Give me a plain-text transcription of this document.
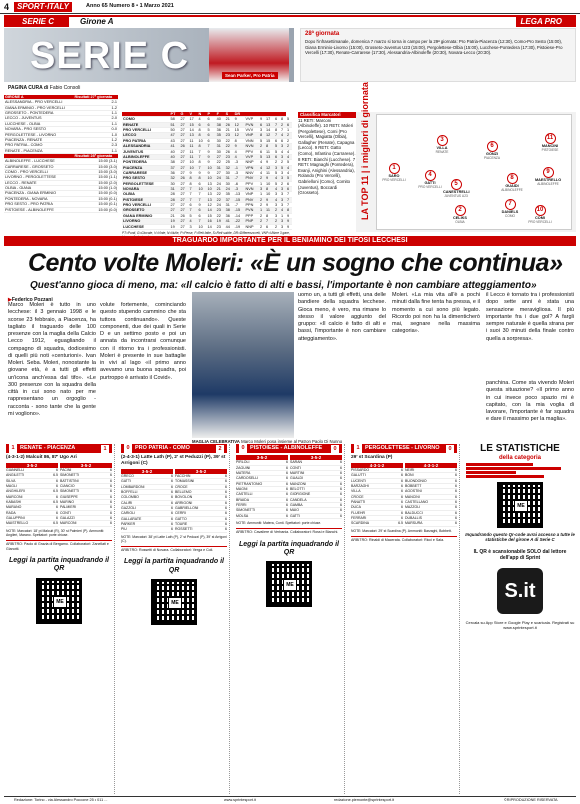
4 SPORT·ITALY	Anno 65 Numero 8 • 1 Marzo 2021
SERIE C	Girone A	LEGA PRO
SERIE C	Sean Parker, Pro Patria
PAGINA CURA di Fabio Consoli
28ª giornata

Dopo l'infrasettimanale, domenica 7 marzo si torna in campo per la 29ª giornata: Pro Patria-Piacenza (12:30), Como-Pro Sesto (15:00), Giana Erminio-Livorno (15:00), Grosseto-Juventus U23 (15:00), Pergolettese-Olbia (15:00), Lucchese-Pontedera (17:30), Pistoiese-Pro Vercelli (17:30), Renate-Carrarese (17:30), Alessandria-Albinoleffe (20:30), Novara-Lecco (20:30).

GIRONE A	Risultati 27ª giornata
ALESSANDRIA - PRO VERCELLI	2-1
GIANA ERMINIO - PRO VERCELLI	1-2
GROSSETO - PONTEDERA	1-1
LECCO - JUVENTUS	2-0
LUCCHESE - OLBIA	1-1
NOVARA - PRO SESTO	0-0
PERGOLETTESE - LIVORNO	1-0
PIACENZA - RENATE	1-2
PRO PATRIA - COMO	2-3
RENATE - PIACENZA	1-1
	Risultati 28ª giornata
ALBINOLEFFE - LUCCHESE	15:00 (3-1)
CARRARESE - GROSSETO	15:00 (3-0)
COMO - PRO VERCELLI	15:00 (3-0)
LIVORNO - PERGOLETTESE	15:00 (1-1)
LECCO - RENATE	15:00 (2-0)
OLBIA - GIANA	15:00 (1-0)
PIACENZA - GIANA ERMINIO	15:00 (0-0)
PONTEDERA - NOVARA	15:00 (0-1)
PRO SESTO - PRO PATRIA	15:00 (0-1)
PISTOIESE - ALBINOLEFFE	15:00 (0-0)
	PT	G	V	N	P	F	S	DR						
COMO	58	27	17	4	6	40	21	9	VVP	9	17	6	8	5
RENATE	51	27	15	6	6	38	26	12	PVN	6	13	7	2	6
PRO VERCELLI	50	27	14	8	5	36	21	15	VVV	3	14	8	7	1
LECCO	47	27	13	8	6	35	23	12	VNP	8	12	7	4	2
PRO PATRIA	43	27	11	10	6	30	22	8	VNN	5	15	6	6	2
ALESSANDRIA	41	26	11	8	7	31	22	9	NVN	2	8	5	3	2
JUVENTUS	40	27	11	7	9	30	26	4	PPV	6	11	5	4	4
ALBINOLEFFE	40	27	11	7	9	27	23	4	VVP	5	13	6	3	4
PONTEDERA	38	27	10	8	9	22	25	-3	NNP	4	9	2	2	5
PIACENZA	37	27	10	7	10	31	32	-1	VPN	4	12	3	5	4
CARRARESE	36	27	9	9	9	27	30	-3	NNV	4	11	5	3	4
PRO SESTO	32	26	8	8	10	24	31	-7	PNV	2	9	4	3	5
PERGOLETTESE	30	27	8	6	13	24	30	-6	PPV	1	10	5	2	6
NOVARA	31	27	7	10	10	21	24	-3	NVN	3	8	4	3	6
OLBIA	28	27	7	7	13	22	35	-13	VNP	1	10	3	3	7
PISTOIESE	28	27	7	7	13	22	37	-15	PNV	2	9	4	3	7
PRO VERCELLI	27	27	6	9	12	24	31	-7	PPN	2	9	3	3	7
GROSSETO	27	27	7	6	14	23	38	-15	PVN	1	11	2	4	8
GIANA ERMINIO	21	26	5	6	15	22	36	-14	PPP	2	8	3	1	9
LIVORNO	19	27	4	7	16	19	41	-22	PNP	2	7	2	3	9
LUCCHESE	19	27	3	10	14	23	44	-19	NNP	2	6	2	3	9
PT=Punti, G=Giocate, V=Vinte, N=Nulle, P=Perse, F=Reti fatte, S=Reti subite, DR=Differenza reti, VNP=Ultime 3 gare,
Classifica Marcatori
11 RETI: Marconi (Albinoleffe). 10 RETI: Moleri (Pergolettese), Comi (Pro Vercelli), Magiatta (Olbia), Gallagher (Renate), Capagna (Lecco). 9 RETI: Gatto (Como), Infantino (Carrarese). 8 RETI: Bianchi (Lucchese). 7 RETI: Magnaghi (Pontedera), Evanji, Anighini (Alessandria), Rolando (Pro Vercelli), Gabrielloni (Como), Comito (Juventus), Boccardi (Grosseto).	LA TOP 11 | i migliori di giornata	1
SARO
PRO VERCELLI
2
CELIKS
OLBIA
3
VILLA
RENATE
4
GATTI
PRO VERCELLI	5
CANESTRELLI
JUVENTUS U23
6
GONZI
PIACENZA
7
DANIELS
COMO
8
GUAIDI
ALBINOLEFFE
9
MAESTRELLO
ALBINOLEFFE
10
COMI
PRO VERCELLI
11
MANCINI
PISTOIESE
TRAGUARDO IMPORTANTE PER IL BENIAMINO DEI TIFOSI LECCHESI
Cento volte Moleri: «È un sogno che continua»
Quest'anno gioca di meno, ma: «Il calcio è fatto di alti e bassi, l'importante è non cambiare atteggiamento»
▶ Federico Pozzani
Marco Moleri è tutto in uno lecchese: il 3 gennaio 1998 e le scorse 23 febbraio, a Piacenza, ha tagliato il traguardo delle 100 presenze con la maglia della Calcio Lecco 1912, eguagliando il compagno di squadra, dodicesimo di quelli più noti «centurioni». Ivan Moleri. Seba. Moleri, nonostante la giovane età, è a tutti gli effetti un'icona anch'essa dal tifo». «Le 300 presenze con la squadra della città in cui sono nato per me rappresentano un orgoglio - racconta - sono tante che la gente mi vogliono».
volute fortemente, cominciando questo stupendo cammino che sta tuttora continuando». Queste componenti, due dei quali in Serie D e un settimo posto e poi un annata da incontrarsi comunque con il ritorno tra i professionisti. Moleri è presente in sue battaglie in vivi al lago «il primo anno avevamo una buona squadra, poi purtroppo è arrivato il Covid».
MAGLIA CELEBRATIVA Marco Moleri posa insieme al Patron Paolo Di Nunno
uomo un, a tutti gli effetti, una delle bandiere della squadra lecchese. Gioca meno, è vero, ma rimane lo stesso il valore aggiunto del gruppo: «Il calcio è fatto di alti e bassi, l'importante è non cambiare atteggiamento».
Moleri. «La mia vita all'è a pochi minuti dalla fine tenta ha pressa, e il momento a cui sono più legato. Ricordo poi non ha la dimenticherò mai, segnare nella massima categoria».
il Lecco è tornato tra i professionisti dopo sette anni è stata una sensazione meravigliosa. Il più importante fra i due gol? A fargli sempre naturale è quella strana per i suoi 30 minuti della finale contro quella a sorpresa».
panchina. Come sta vivendo Moleri questa situazione? «Il primo anno in cui invece poco spazio mi è capitato, con la mia voglia di lavorare, l'importante è far squadra e dare il massimo per la maglia».
1 RENATE - PIACENZA	1
(4-3-1-2) Malcuit 86, 87' Ugo Ari
3-5-2
GIANNELLI	6
ANGILETTI	6.5
SILVA	6
MAGLI	6
ANGHILERI	6.5
MARCONI	6
KABASHI	6.5
MARANO	6
RADA	6
GALUPPINI	6
MAISTRELLO	6.5
3-5-2
PACINI	6
SIMONETTI	6
BATTISTINI	6
CIANCIO	6
SIMONETTI	6
GIUSEPPE	6
MARINO	6
PALMIERI	6
CONTI	6
GALAZZI	6
MARCONI	6
NOTE: Marcatori: 18' pt Malcuit (R), 30' st Palmieri (P). Ammoniti: Angileri, Marano. Spettatori: porte chiuse.
ARBITRO: Paolo di Grazia di Bergamo. Collaboratori: Zanellati e Gianotti.
Leggi la partita inquadrando il QR
ME
0 PRO PATRIA - COMO	2
(2-4-3-1) Latte Lath (P), 2' st Peduzzi (P), 39' st Arrigoni (C)
3-5-2
GRECO	6
GATTI	6
LOMBARDONI	6
BOFFELLI	6
COLOMBO	6
CALIRI	6
GAZZOLI	6
CARIOLI	6
GALLARATE	6
PARKER	6
PIU	6
3-5-2
FACCHIN	6
TOMASSINI	6
CROCE	6
BELLEMO	6
BOVOLON	6
ARRIGONI	6
GABRIELLONI	6
CERRI	6
GATTO	6
TOURE	6
ROSSETTI	6
NOTE: Marcatori: 38' pt Latte Lath (P), 2' st Peduzzi (P), 39' st Arrigoni (C).
ARBITRO: Rossetti di Novara. Collaboratori: Verga e Coli.
Leggi la partita inquadrando il QR
ME
0 PISTOIESE - ALBINOLEFFE	0
3-5-2
PIRLOLI	6
ZAGUINI	6
MATERA	6
CARDOSELLI	6
PIETRANTONIO	6
MAGNI	6
CASTELLI	6
BRAIDA	6
FERRI	6
SIMONETTI	6
MOLSA	6
3-5-2
SARAN	6
CONTI	6
MARTINI	6
GUALDI	6
MANZONI	6
BELOTTI	6
GIORGIONE	6
CANDELA	6
GAMBA	6
MAIO	6
GATTI	6
NOTE: Ammoniti: Matera, Conti. Spettatori: porte chiuse.
ARBITRO: Cavaliere di Verbania. Collaboratori: Rossi e Bianchi.
Leggi la partita inquadrando il QR
ME
1 PERGOLETTESE - LIVORNO	0
29' st Scardina (P)
4-3-1-2
PISSARDO	6
GALUTTI	6
LUCENTI	6
BARZAGHI	6
VILLA	6
CROCE	6
PANATTI	6
DUCA	6
FLUEHR	6
FERRARI	6
SCARDINA	6.5
4-3-1-2
NEIRI	6
BONI	6
BUONDONIO	6
BOBBETT	6
AGOSTINI	6
MANCINI	6
CASTELLANO	6
MAZZOLI	6
BALDUCCI	6
DUBALLIS	6
MARSURA	6
NOTE: Marcatori: 29' st Scardina (P). Ammoniti: Barzaghi, Bobbett.
ARBITRO: Rinaldi di Macerata. Collaboratori: Ricci e Sala.
LE STATISTICHE
della categoria
ME
Inquadrando questo Qr-code avrai accesso a tutte le statistiche del girone A di Serie C
IL QR è scansionabile SOLO dal lettore dell'app di Sprint
S.it
Cercala su App Store e Google Play e scaricala. Registrati su www.sprintesport.it
Redazione: Torino - via Alessandro Poccone 25 • 011 ...	www.sprintesport.it	redazione.piemonte@sprintesport.it	©RIPRODUZIONE RISERVATA
